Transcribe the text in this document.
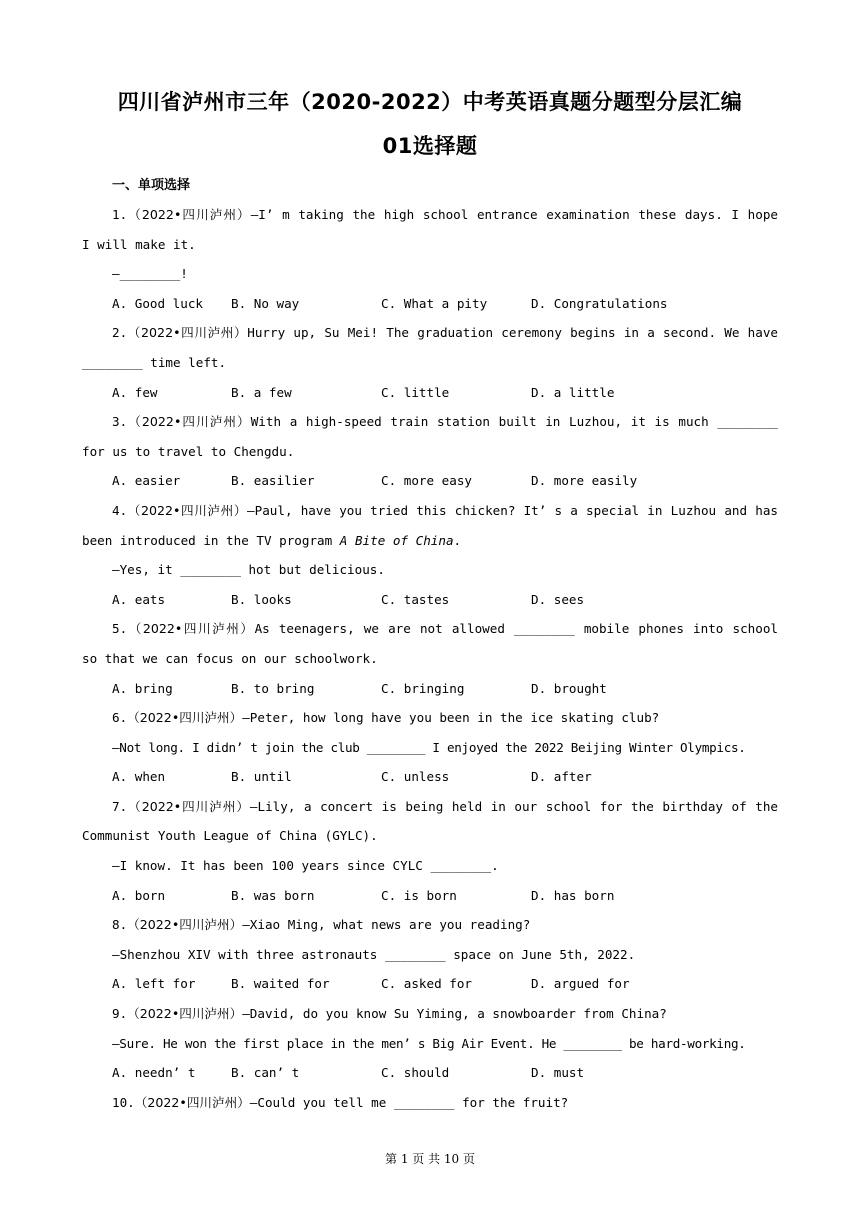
四川省泸州市三年（2020-2022）中考英语真题分题型分层汇编
01选择题
一、单项选择
1.（2022•四川泸州）—I’ m taking the high school entrance examination these days. I hope
I will make it.
—________!
A. Good luck	B. No way	C. What a pity	D. Congratulations
2.（2022•四川泸州）Hurry up, Su Mei! The graduation ceremony begins in a second. We have
________ time left.
A. few	B. a few	C. little	D. a little
3.（2022•四川泸州）With a high-speed train station built in Luzhou, it is much ________
for us to travel to Chengdu.
A. easier	B. easilier	C. more easy	D. more easily
4.（2022•四川泸州）—Paul, have you tried this chicken? It’ s a special in Luzhou and has
been introduced in the TV program A Bite of China.
—Yes, it ________ hot but delicious.
A. eats	B. looks	C. tastes	D. sees
5.（2022•四川泸州）As teenagers, we are not allowed ________ mobile phones into school
so that we can focus on our schoolwork.
A. bring	B. to bring	C. bringing	D. brought
6.（2022•四川泸州）—Peter, how long have you been in the ice skating club?
—Not long. I didn’ t join the club ________ I enjoyed the 2022 Beijing Winter Olympics.
A. when	B. until	C. unless	D. after
7.（2022•四川泸州）—Lily, a concert is being held in our school for the birthday of the
Communist Youth League of China (GYLC).
—I know. It has been 100 years since CYLC ________.
A. born	B. was born	C. is born	D. has born
8.（2022•四川泸州）—Xiao Ming, what news are you reading?
—Shenzhou XIV with three astronauts ________ space on June 5th, 2022.
A. left for	B. waited for	C. asked for	D. argued for
9.（2022•四川泸州）—David, do you know Su Yiming, a snowboarder from China?
—Sure. He won the first place in the men’ s Big Air Event. He ________ be hard-working.
A. needn’ t	B. can’ t	C. should	D. must
10.（2022•四川泸州）—Could you tell me ________ for the fruit?
第 1 页 共 10 页
